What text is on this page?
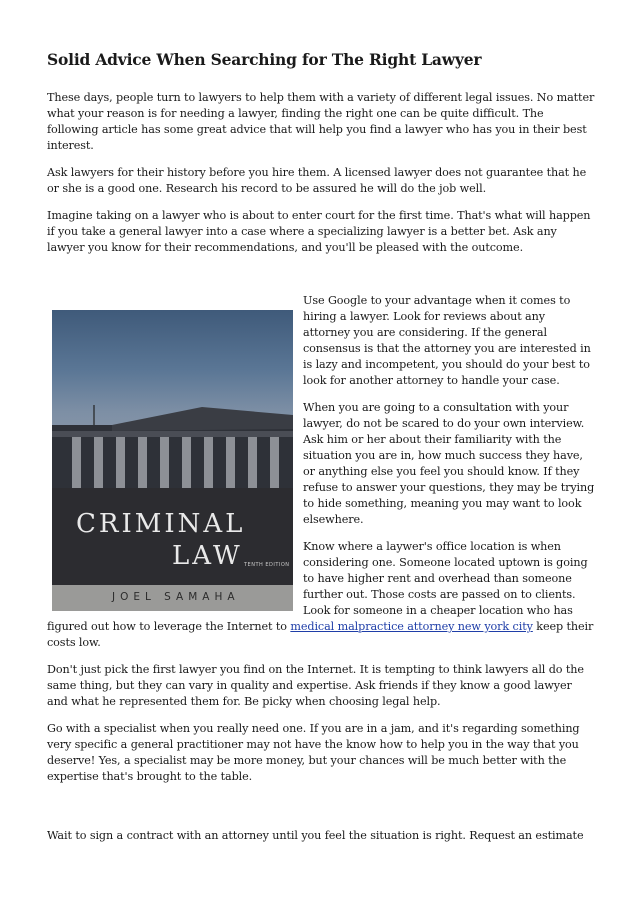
Solid Advice When Searching for The Right Lawyer

These days, people turn to lawyers to help them with a variety of different legal issues. No matter what your reason is for needing a lawyer, finding the right one can be quite difficult. The following article has some great advice that will help you find a lawyer who has you in their best interest.

Ask lawyers for their history before you hire them. A licensed lawyer does not guarantee that he or she is a good one. Research his record to be assured he will do the job well.

Imagine taking on a lawyer who is about to enter court for the first time. That's what will happen if you take a general lawyer into a case where a specializing lawyer is a better bet. Ask any lawyer you know for their recommendations, and you'll be pleased with the outcome.

CRIMINAL
LAW TENTH EDITION
JOEL SAMAHA

Use Google to your advantage when it comes to hiring a lawyer. Look for reviews about any attorney you are considering. If the general consensus is that the attorney you are interested in is lazy and incompetent, you should do your best to look for another attorney to handle your case.

When you are going to a consultation with your lawyer, do not be scared to do your own interview. Ask him or her about their familiarity with the situation you are in, how much success they have, or anything else you feel you should know. If they refuse to answer your questions, they may be trying to hide something, meaning you may want to look elsewhere.

Know where a laywer's office location is when considering one. Someone located uptown is going to have higher rent and overhead than someone further out. Those costs are passed on to clients. Look for someone in a cheaper location who has figured out how to leverage the Internet to medical malpractice attorney new york city keep their costs low.

Don't just pick the first lawyer you find on the Internet. It is tempting to think lawyers all do the same thing, but they can vary in quality and expertise. Ask friends if they know a good lawyer and what he represented them for. Be picky when choosing legal help.

Go with a specialist when you really need one. If you are in a jam, and it's regarding something very specific a general practitioner may not have the know how to help you in the way that you deserve! Yes, a specialist may be more money, but your chances will be much better with the expertise that's brought to the table.

Wait to sign a contract with an attorney until you feel the situation is right. Request an estimate
